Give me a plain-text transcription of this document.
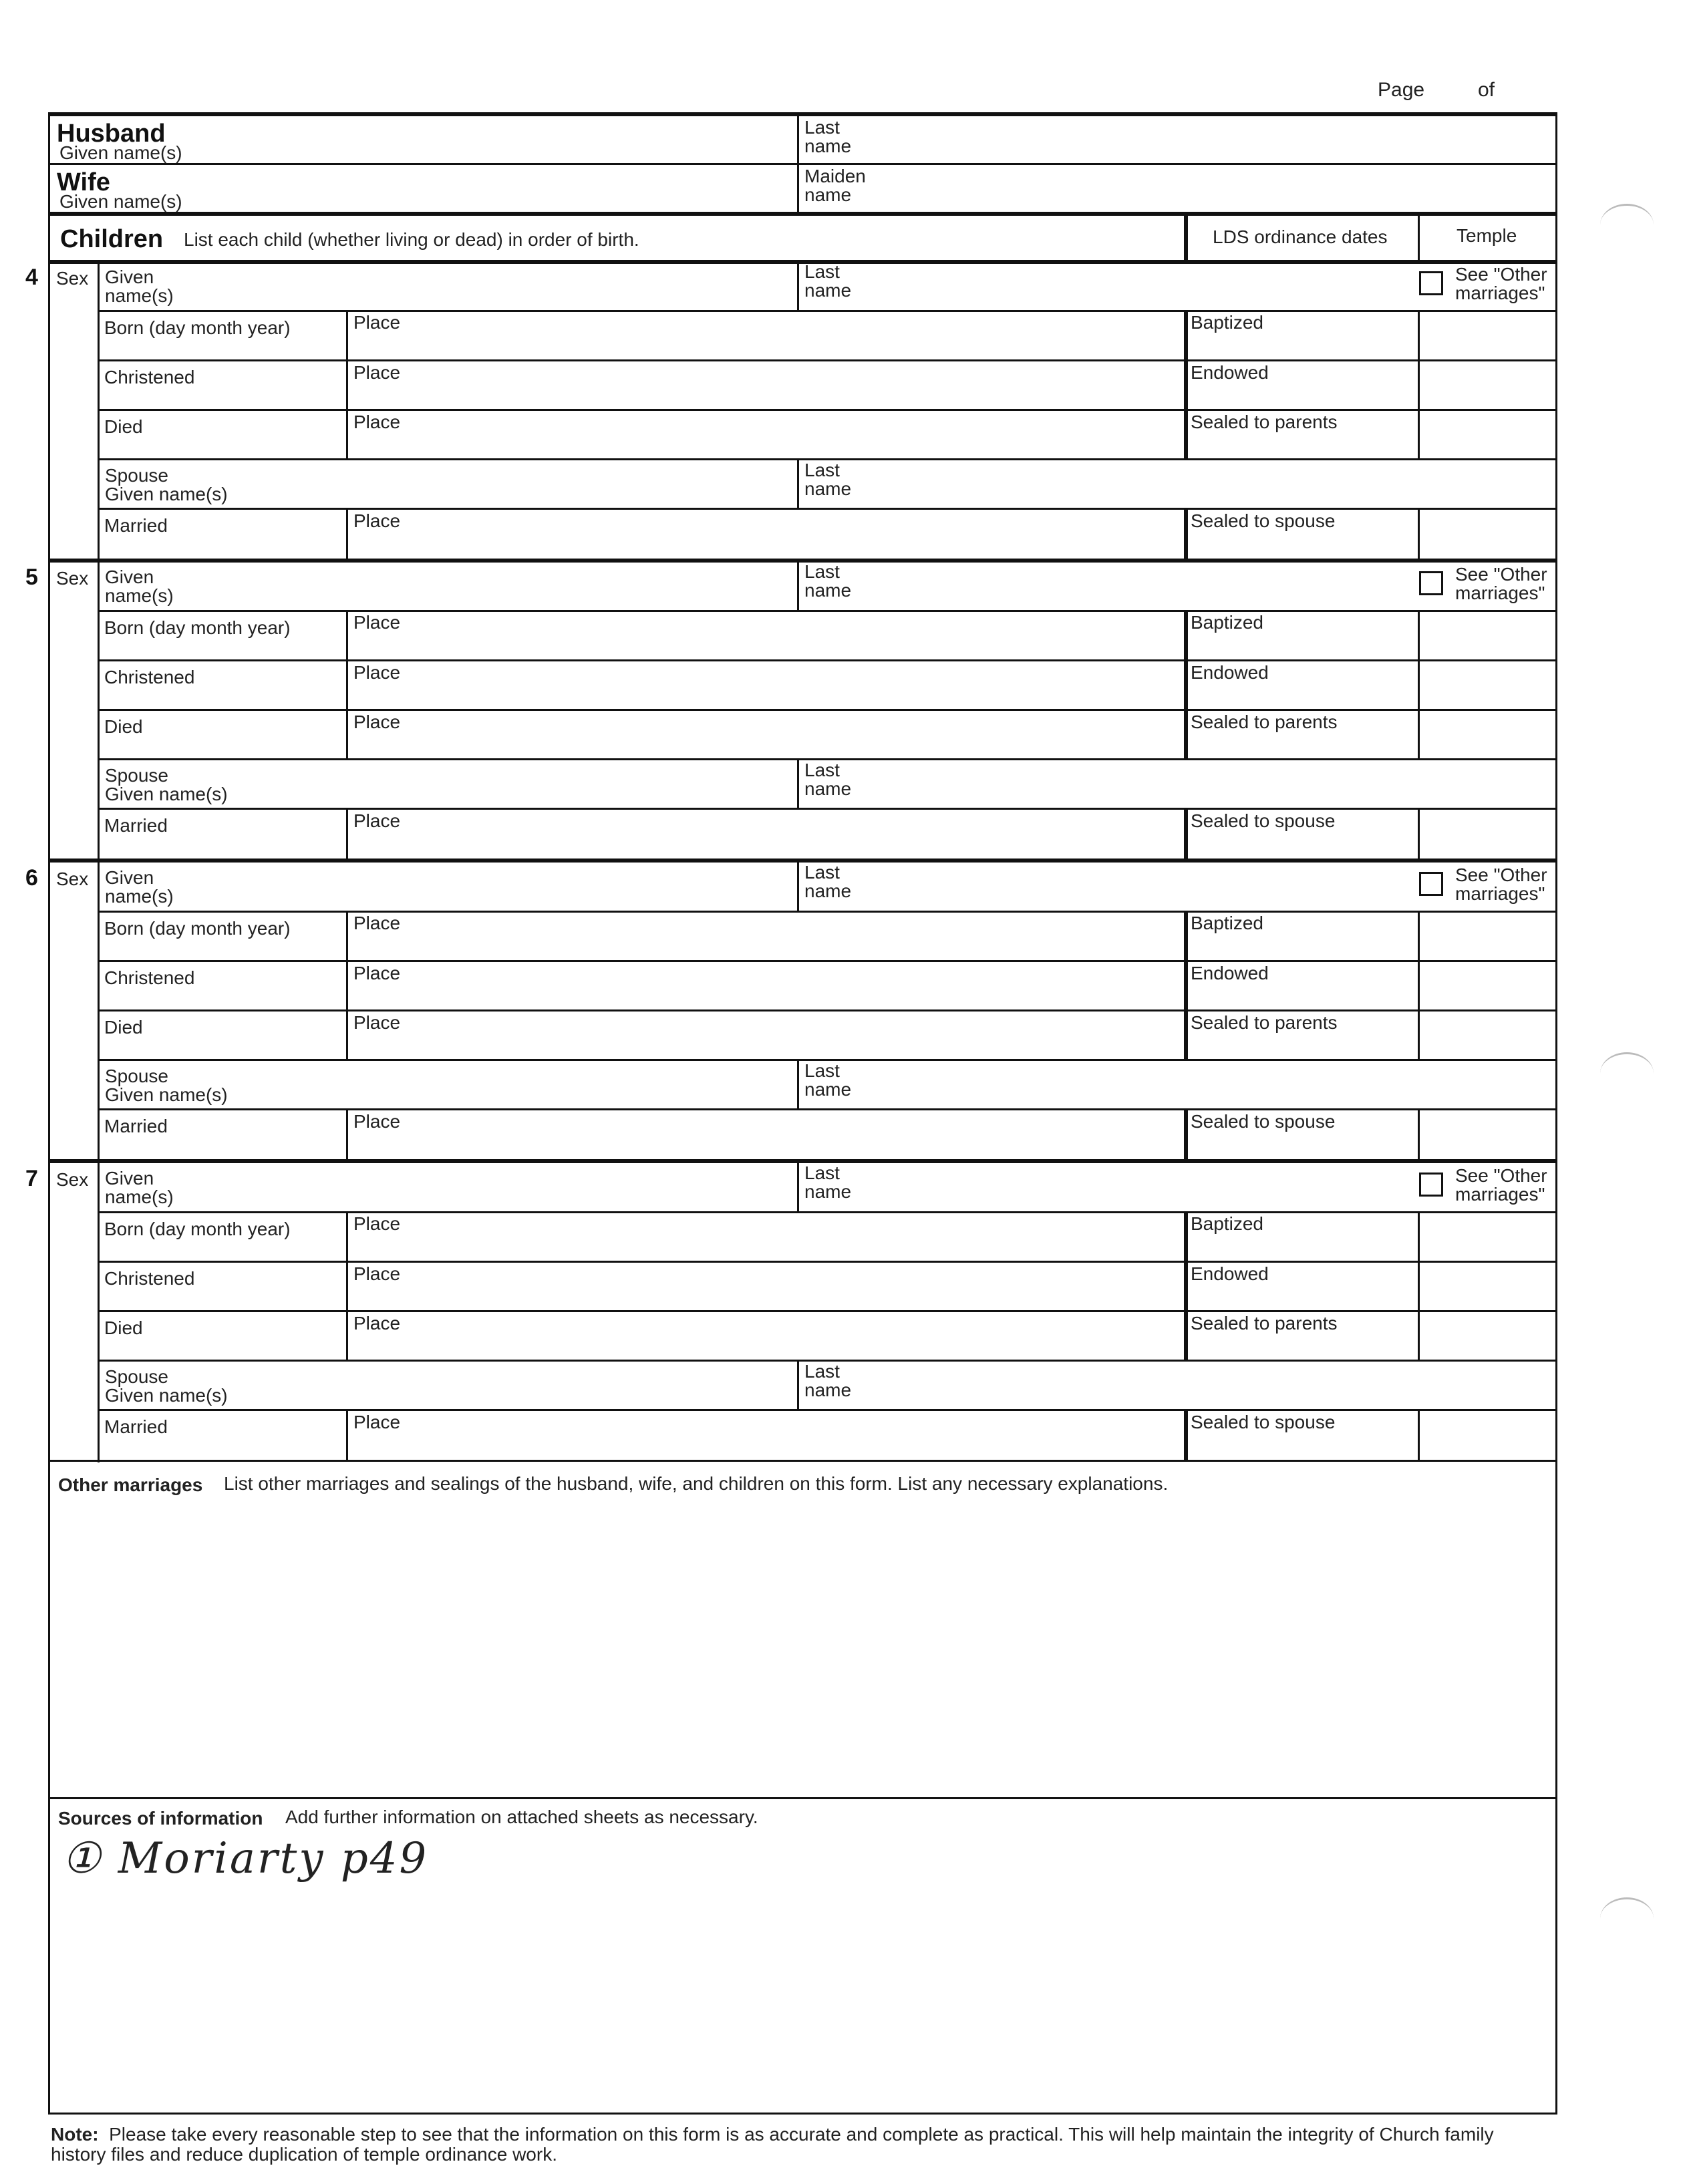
Page	of
Husband
Given name(s)
Last
name
Wife
Given name(s)
Maiden
name
Children List each child (whether living or dead) in order of birth.	LDS ordinance dates	Temple
4 Sex Given
name(s)
Last
name
See "Other
marriages"
Born (day month year)	Place	Baptized
Christened	Place	Endowed
Died	Place	Sealed to parents
Spouse
Given name(s)
Last
name
Married	Place	Sealed to spouse
5 Sex Given
name(s)
Last
name
See "Other
marriages"
Born (day month year)	Place	Baptized
Christened	Place	Endowed
Died	Place	Sealed to parents
Spouse
Given name(s)
Last
name
Married	Place	Sealed to spouse
6 Sex Given
name(s)
Last
name
See "Other
marriages"
Born (day month year)	Place	Baptized
Christened	Place	Endowed
Died	Place	Sealed to parents
Spouse
Given name(s)
Last
name
Married	Place	Sealed to spouse
7 Sex Given
name(s)
Last
name
See "Other
marriages"
Born (day month year)	Place	Baptized
Christened	Place	Endowed
Died	Place	Sealed to parents
Spouse
Given name(s)
Last
name
Married	Place	Sealed to spouse
Other marriages List other marriages and sealings of the husband, wife, and children on this form. List any necessary explanations.
Sources of information Add further information on attached sheets as necessary.
① Moriarty p49
Note: Please take every reasonable step to see that the information on this form is as accurate and complete as practical. This will help maintain the integrity of Church family
history files and reduce duplication of temple ordinance work.
